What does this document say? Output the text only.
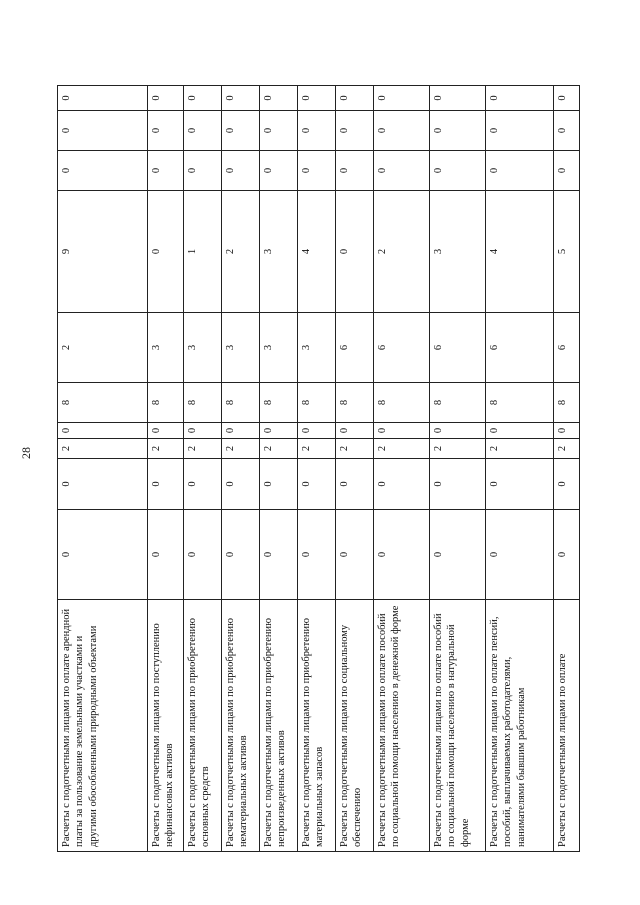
28
Расчеты с подотчетными лицами по оплате арендной платы за пользование земельными участками и другими обособленными природными объектами	0	0	2	0	8	2	9	0	0	0
Расчеты с подотчетными лицами по поступлению нефинансовых активов	0	0	2	0	8	3	0	0	0	0
Расчеты с подотчетными лицами по приобретению основных средств	0	0	2	0	8	3	1	0	0	0
Расчеты с подотчетными лицами по приобретению нематериальных активов	0	0	2	0	8	3	2	0	0	0
Расчеты с подотчетными лицами по приобретению непроизведенных активов	0	0	2	0	8	3	3	0	0	0
Расчеты с подотчетными лицами по приобретению материальных запасов	0	0	2	0	8	3	4	0	0	0
Расчеты с подотчетными лицами по социальному обеспечению	0	0	2	0	8	6	0	0	0	0
Расчеты с подотчетными лицами по оплате пособий по социальной помощи населению в денежной форме	0	0	2	0	8	6	2	0	0	0
Расчеты с подотчетными лицами по оплате пособий по социальной помощи населению в натуральной форме	0	0	2	0	8	6	3	0	0	0
Расчеты с подотчетными лицами по оплате пенсий, пособий, выплачиваемых работодателями, нанимателями бывшим работникам	0	0	2	0	8	6	4	0	0	0
Расчеты с подотчетными лицами по оплате	0	0	2	0	8	6	5	0	0	0
